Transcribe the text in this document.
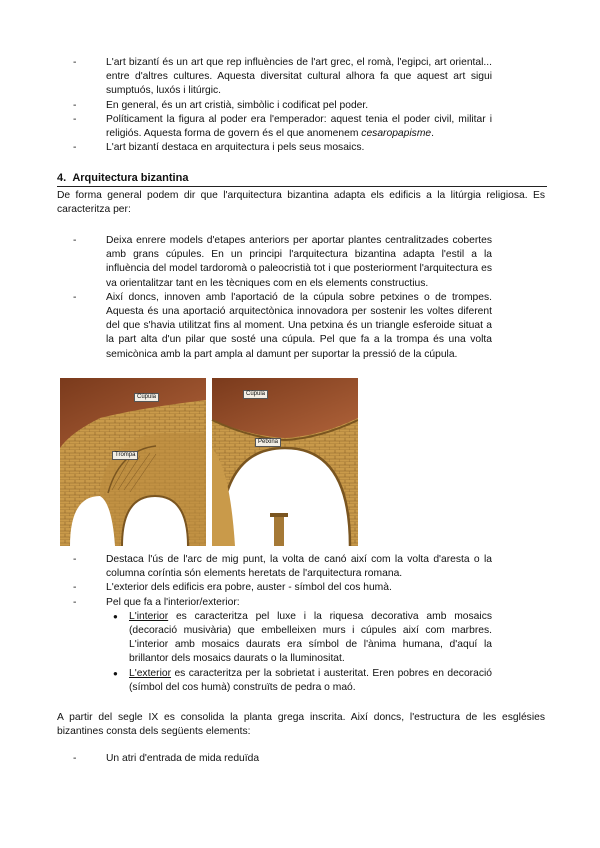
- L'art bizantí és un art que rep influències de l'art grec, el romà, l'egipci, art oriental... entre d'altres cultures. Aquesta diversitat cultural alhora fa que aquest art sigui sumptuós, luxós i litúrgic.
- En general, és un art cristià, simbòlic i codificat pel poder.
- Políticament la figura al poder era l'emperador: aquest tenia el poder civil, militar i religiós. Aquesta forma de govern és el que anomenem cesaropapisme.
- L'art bizantí destaca en arquitectura i pels seus mosaics.
4. Arquitectura bizantina
De forma general podem dir que l'arquitectura bizantina adapta els edificis a la litúrgia religiosa. Es caracteritza per:
- Deixa enrere models d'etapes anteriors per aportar plantes centralitzades cobertes amb grans cúpules. En un principi l'arquitectura bizantina adapta l'estil a la influència del model tardoromà o paleocristià tot i que posteriorment l'arquitectura es va orientalitzar tant en les tècniques com en els elements constructius.
- Així doncs, innoven amb l'aportació de la cúpula sobre petxines o de trompes. Aquesta és una aportació arquitectònica innovadora per sostenir les voltes diferent del que s'havia utilitzat fins al moment. Una petxina és un triangle esferoide situat a la part alta d'un pilar que sosté una cúpula. Pel que fa a la trompa és una volta semicònica amb la part ampla al damunt per suportar la pressió de la cúpula.
Cúpula
Trompa
Cúpula
Petxina
- Destaca l'ús de l'arc de mig punt, la volta de canó així com la volta d'aresta o la columna coríntia són elements heretats de l'arquitectura romana.
- L'exterior dels edificis era pobre, auster - símbol del cos humà.
- Pel que fa a l'interior/exterior:
● L'interior es caracteritza pel luxe i la riquesa decorativa amb mosaics (decoració musivària) que embelleixen murs i cúpules així com marbres. L'interior amb mosaics daurats era símbol de l'ànima humana, d'aquí la brillantor dels mosaics daurats o la lluminositat.
● L'exterior es caracteritza per la sobrietat i austeritat. Eren pobres en decoració (símbol del cos humà) construïts de pedra o maó.
A partir del segle IX es consolida la planta grega inscrita. Així doncs, l'estructura de les esglésies bizantines consta dels següents elements:
- Un atri d'entrada de mida reduïda
